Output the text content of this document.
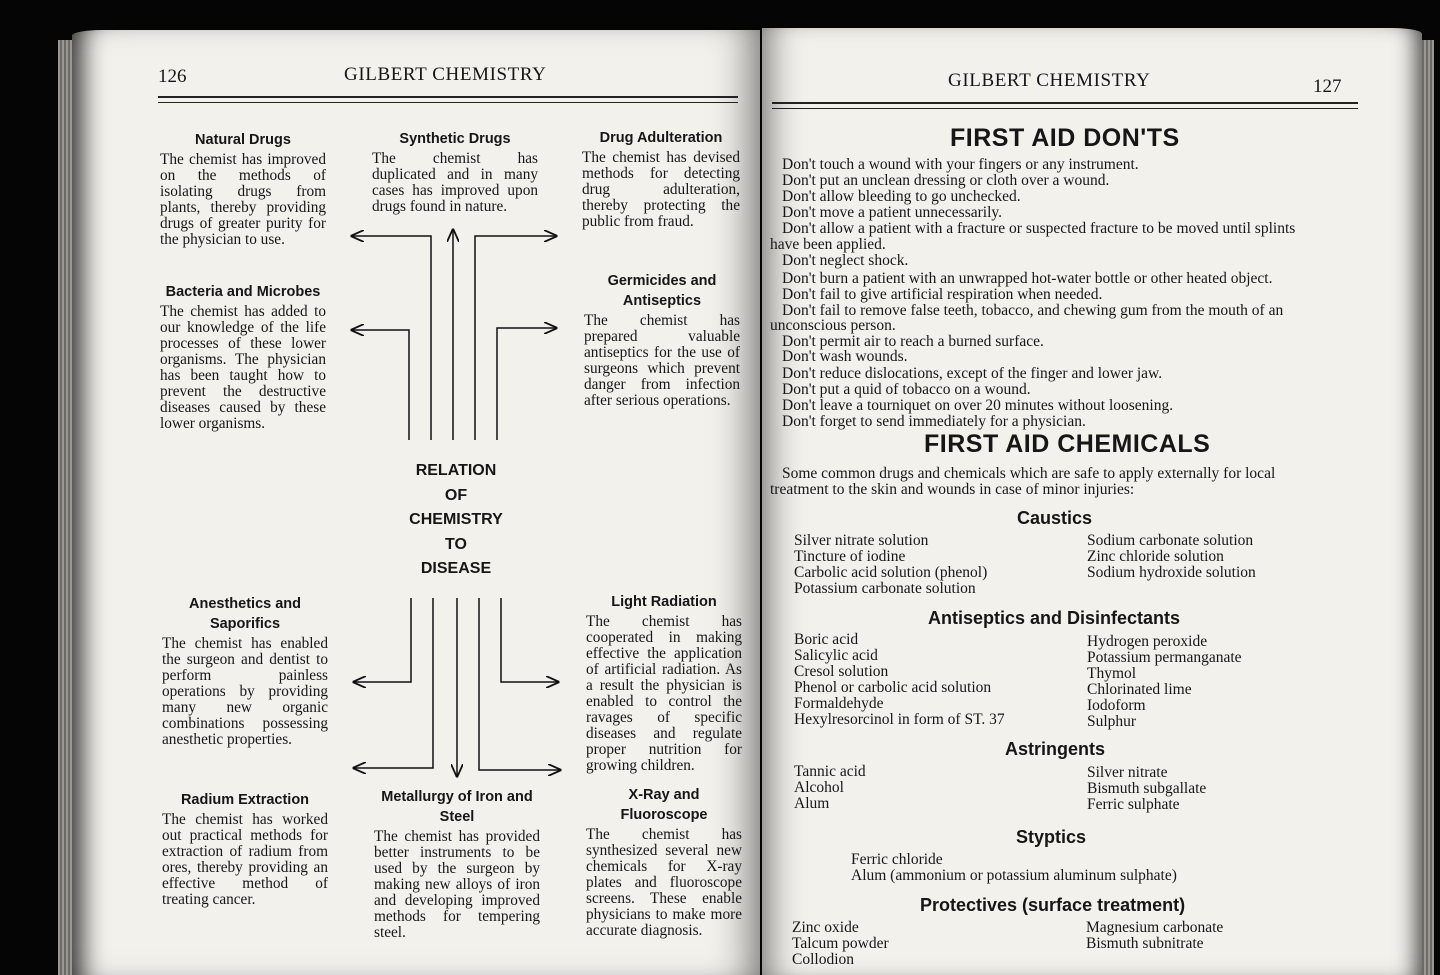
126	GILBERT CHEMISTRY
Natural Drugs

The chemist has improved on the methods of isolating drugs from plants, thereby providing drugs of greater purity for the physician to use.

Synthetic Drugs

The chemist has duplicated and in many cases has improved upon drugs found in nature.

Drug Adulteration

The chemist has devised methods for detecting drug adulteration, thereby protecting the public from fraud.

Bacteria and Microbes

The chemist has added to our knowledge of the life processes of these lower organisms. The physician has been taught how to prevent the destructive diseases caused by these lower organisms.

Germicides and Antiseptics

The chemist has prepared valuable antiseptics for the use of surgeons which prevent danger from infection after serious operations.

Anesthetics and Saporifics

The chemist has enabled the surgeon and dentist to perform painless operations by providing many new organic combinations possessing anesthetic properties.

Light Radiation

The chemist has cooperated in making effective the application of artificial radiation. As a result the physician is enabled to control the ravages of specific diseases and regulate proper nutrition for growing children.

Radium Extraction

The chemist has worked out practical methods for extraction of radium from ores, thereby providing an effective method of treating cancer.

Metallurgy of Iron and Steel

The chemist has provided better instruments to be used by the surgeon by making new alloys of iron and developing improved methods for tempering steel.

X-Ray and Fluoroscope

The chemist has synthesized several new chemicals for X-ray plates and fluoroscope screens. These enable physicians to make more accurate diagnosis.

RELATION
OF
CHEMISTRY
TO
DISEASE
GILBERT CHEMISTRY	127
FIRST AID DON'TS
Don't touch a wound with your fingers or any instrument.
Don't put an unclean dressing or cloth over a wound.
Don't allow bleeding to go unchecked.
Don't move a patient unnecessarily.
Don't allow a patient with a fracture or suspected fracture to be moved until splints
have been applied.
Don't neglect shock.
Don't burn a patient with an unwrapped hot-water bottle or other heated object.
Don't fail to give artificial respiration when needed.
Don't fail to remove false teeth, tobacco, and chewing gum from the mouth of an
unconscious person.
Don't permit air to reach a burned surface.
Don't wash wounds.
Don't reduce dislocations, except of the finger and lower jaw.
Don't put a quid of tobacco on a wound.
Don't leave a tourniquet on over 20 minutes without loosening.
Don't forget to send immediately for a physician.
FIRST AID CHEMICALS
Some common drugs and chemicals which are safe to apply externally for local
treatment to the skin and wounds in case of minor injuries:
Caustics
Silver nitrate solution
Tincture of iodine
Carbolic acid solution (phenol)
Potassium carbonate solution
Sodium carbonate solution
Zinc chloride solution
Sodium hydroxide solution
Antiseptics and Disinfectants
Boric acid
Salicylic acid
Cresol solution
Phenol or carbolic acid solution
Formaldehyde
Hexylresorcinol in form of ST. 37
Hydrogen peroxide
Potassium permanganate
Thymol
Chlorinated lime
Iodoform
Sulphur
Astringents
Tannic acid
Alcohol
Alum
Silver nitrate
Bismuth subgallate
Ferric sulphate
Styptics
Ferric chloride
Alum (ammonium or potassium aluminum sulphate)
Protectives (surface treatment)
Zinc oxide
Talcum powder
Collodion
Magnesium carbonate
Bismuth subnitrate
